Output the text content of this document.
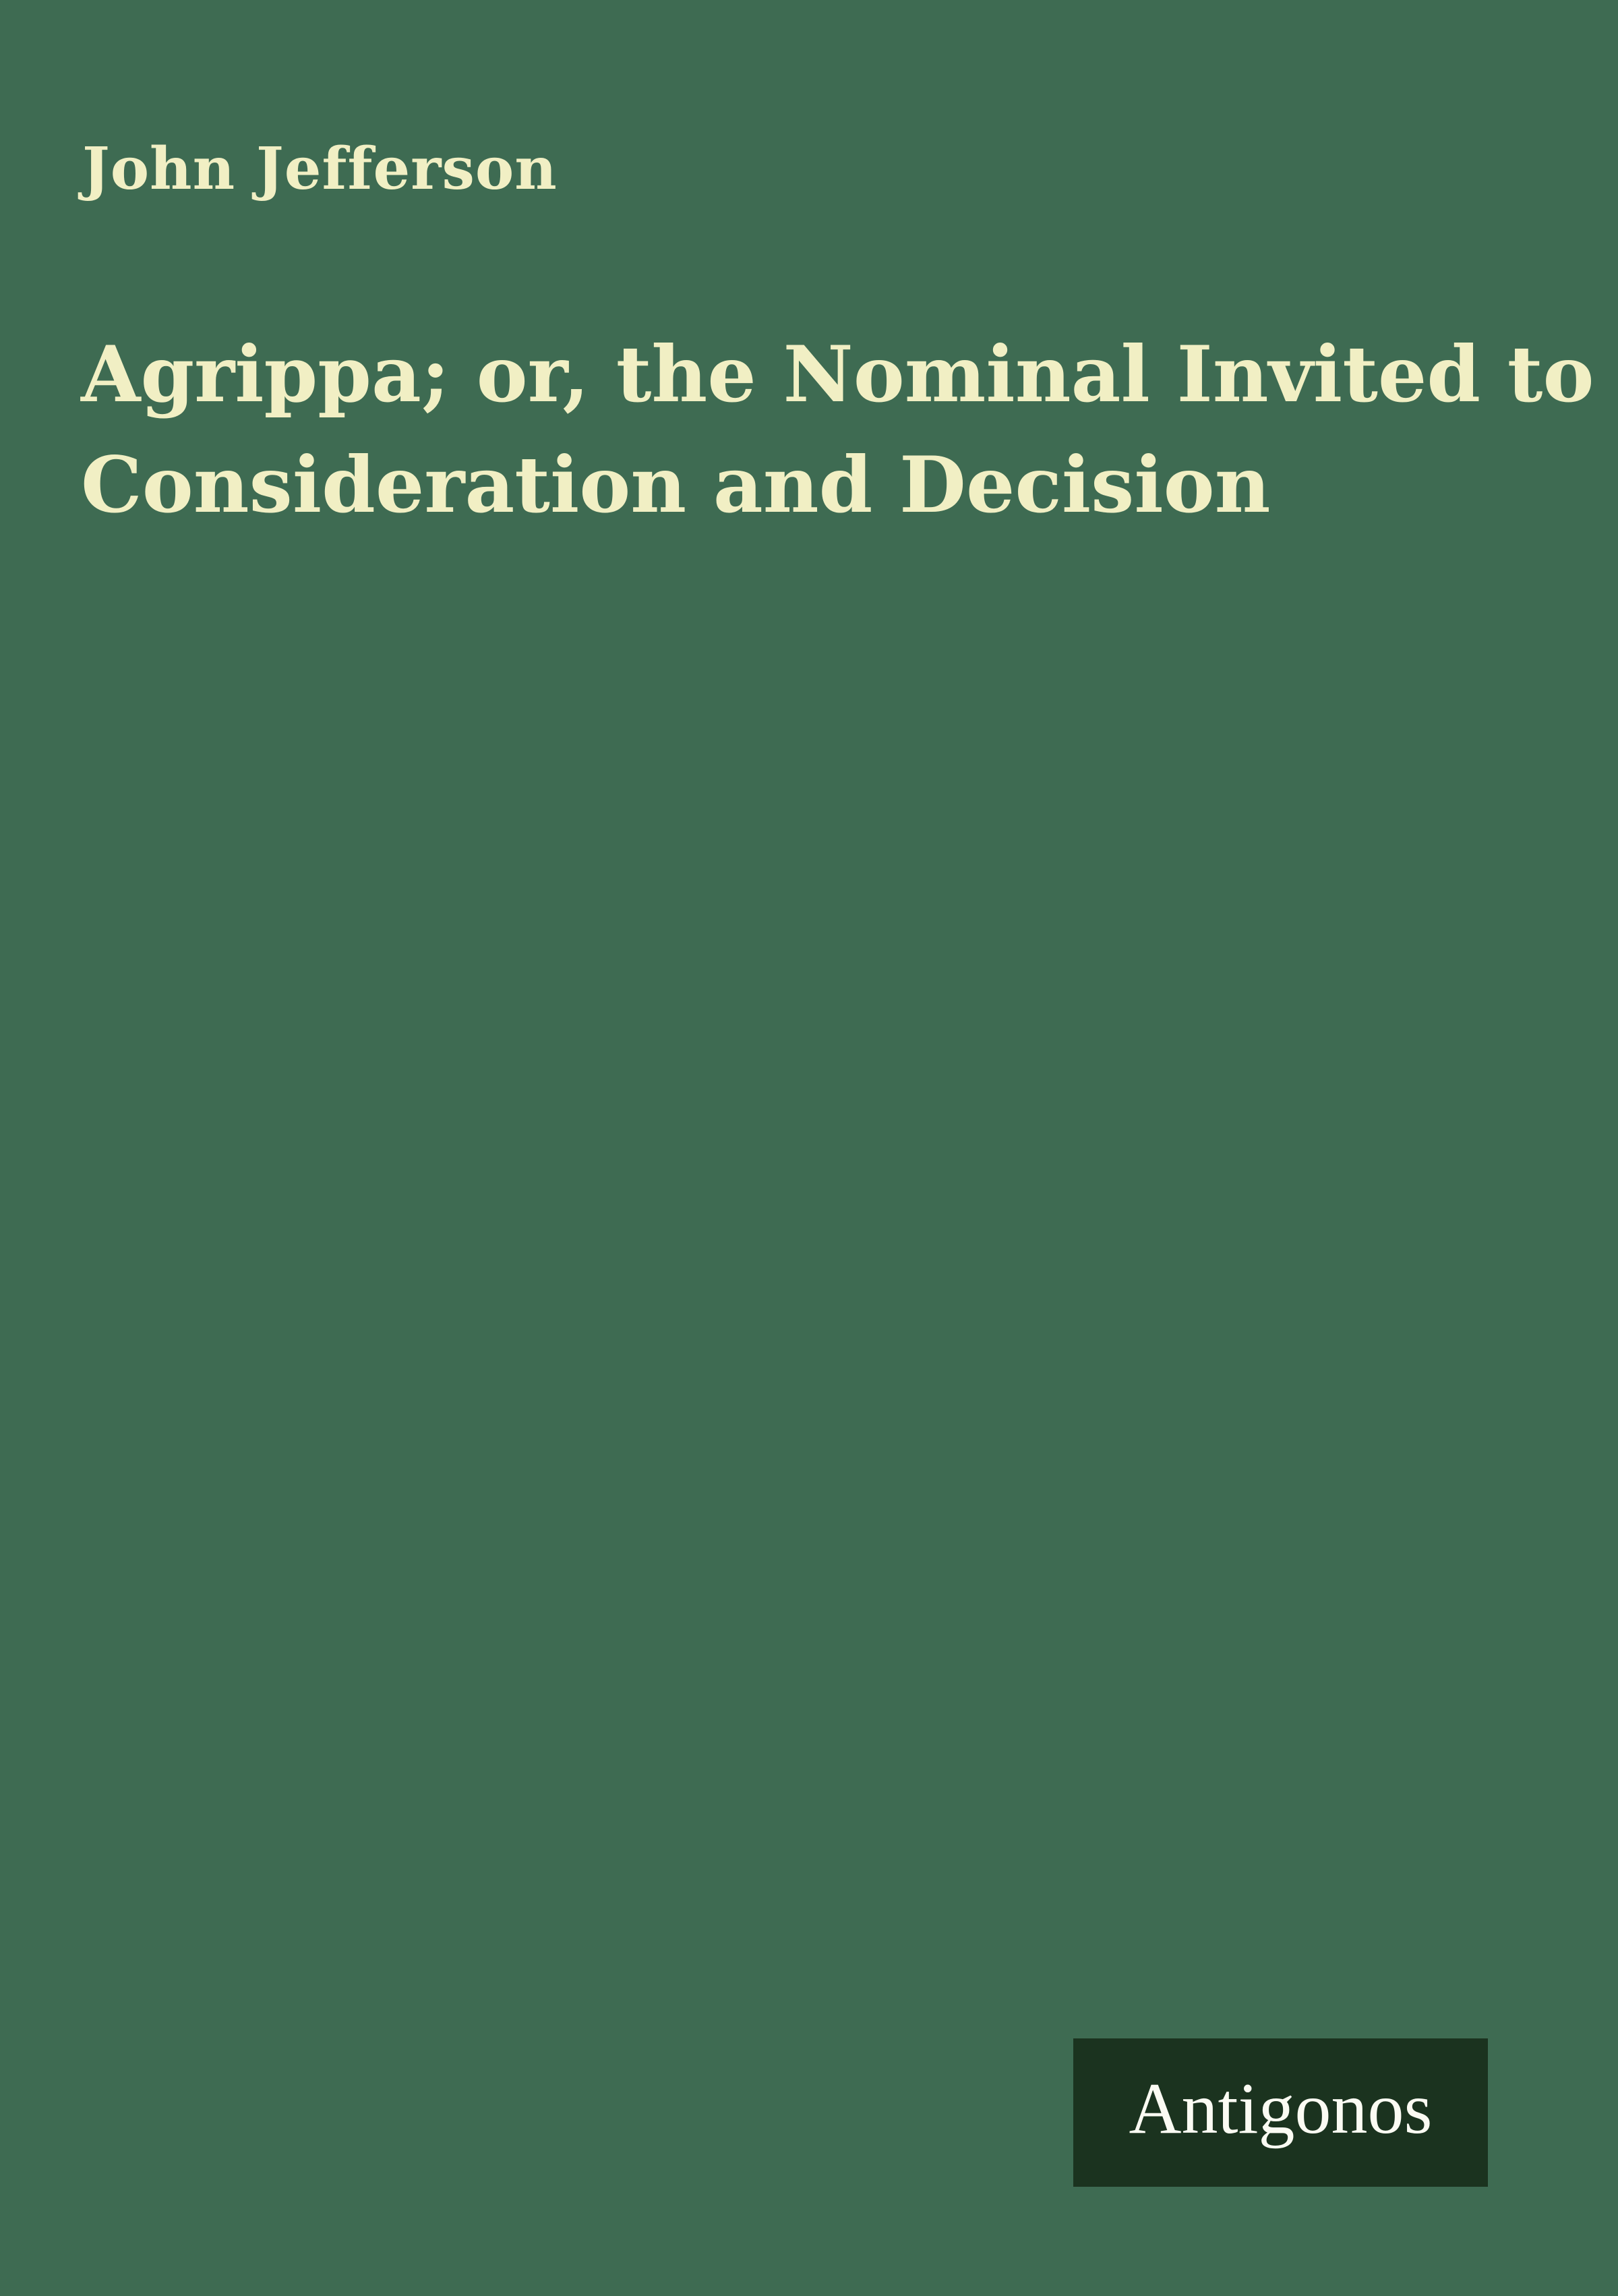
John Jefferson
Agrippa; or, the Nominal Invited to
Consideration and Decision
Antigonos
